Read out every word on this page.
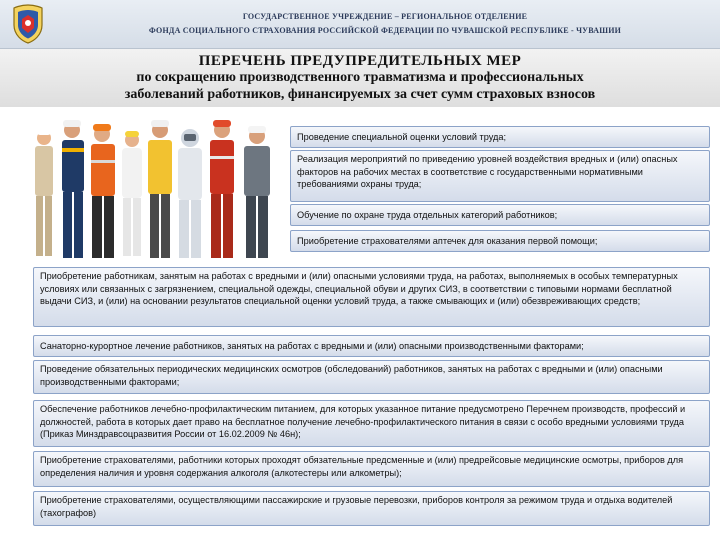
ГОСУДАРСТВЕННОЕ УЧРЕЖДЕНИЕ – РЕГИОНАЛЬНОЕ ОТДЕЛЕНИЕ
ФОНДА СОЦИАЛЬНОГО СТРАХОВАНИЯ РОССИЙСКОЙ ФЕДЕРАЦИИ ПО ЧУВАШСКОЙ РЕСПУБЛИКЕ - ЧУВАШИИ
ПЕРЕЧЕНЬ ПРЕДУПРЕДИТЕЛЬНЫХ МЕР
по сокращению производственного травматизма и профессиональных
заболеваний работников, финансируемых за счет сумм страховых взносов
Проведение специальной оценки условий труда;
Реализация мероприятий по приведению уровней воздействия вредных и (или) опасных факторов на рабочих местах в соответствие с государственными нормативными требованиями охраны труда;
Обучение по охране труда отдельных категорий работников;
Приобретение страхователями аптечек для оказания первой помощи;
Приобретение работникам, занятым на работах с вредными и (или) опасными условиями труда, на работах, выполняемых в особых температурных условиях или связанных с загрязнением, специальной одежды, специальной обуви и других СИЗ, в соответствии с типовыми нормами бесплатной выдачи СИЗ, и (или) на основании результатов специальной оценки условий труда, а также смывающих и (или) обезвреживающих средств;
Санаторно-курортное лечение работников, занятых на работах с вредными и (или) опасными производственными факторами;
Проведение обязательных периодических медицинских осмотров (обследований) работников, занятых на работах с вредными и (или) опасными производственными факторами;
Обеспечение работников лечебно-профилактическим питанием, для которых указанное питание предусмотрено Перечнем производств, профессий и должностей, работа в которых дает право на бесплатное получение лечебно-профилактического питания в связи с особо вредными условиями труда (Приказ Минздравсоцразвития России от 16.02.2009 № 46н);
Приобретение страхователями, работники которых проходят обязательные предсменные и (или) предрейсовые медицинские осмотры, приборов для определения наличия и уровня содержания алкоголя (алкотестеры или алкометры);
Приобретение страхователями, осуществляющими пассажирские и грузовые перевозки, приборов контроля за режимом труда и отдыха водителей (тахографов)
